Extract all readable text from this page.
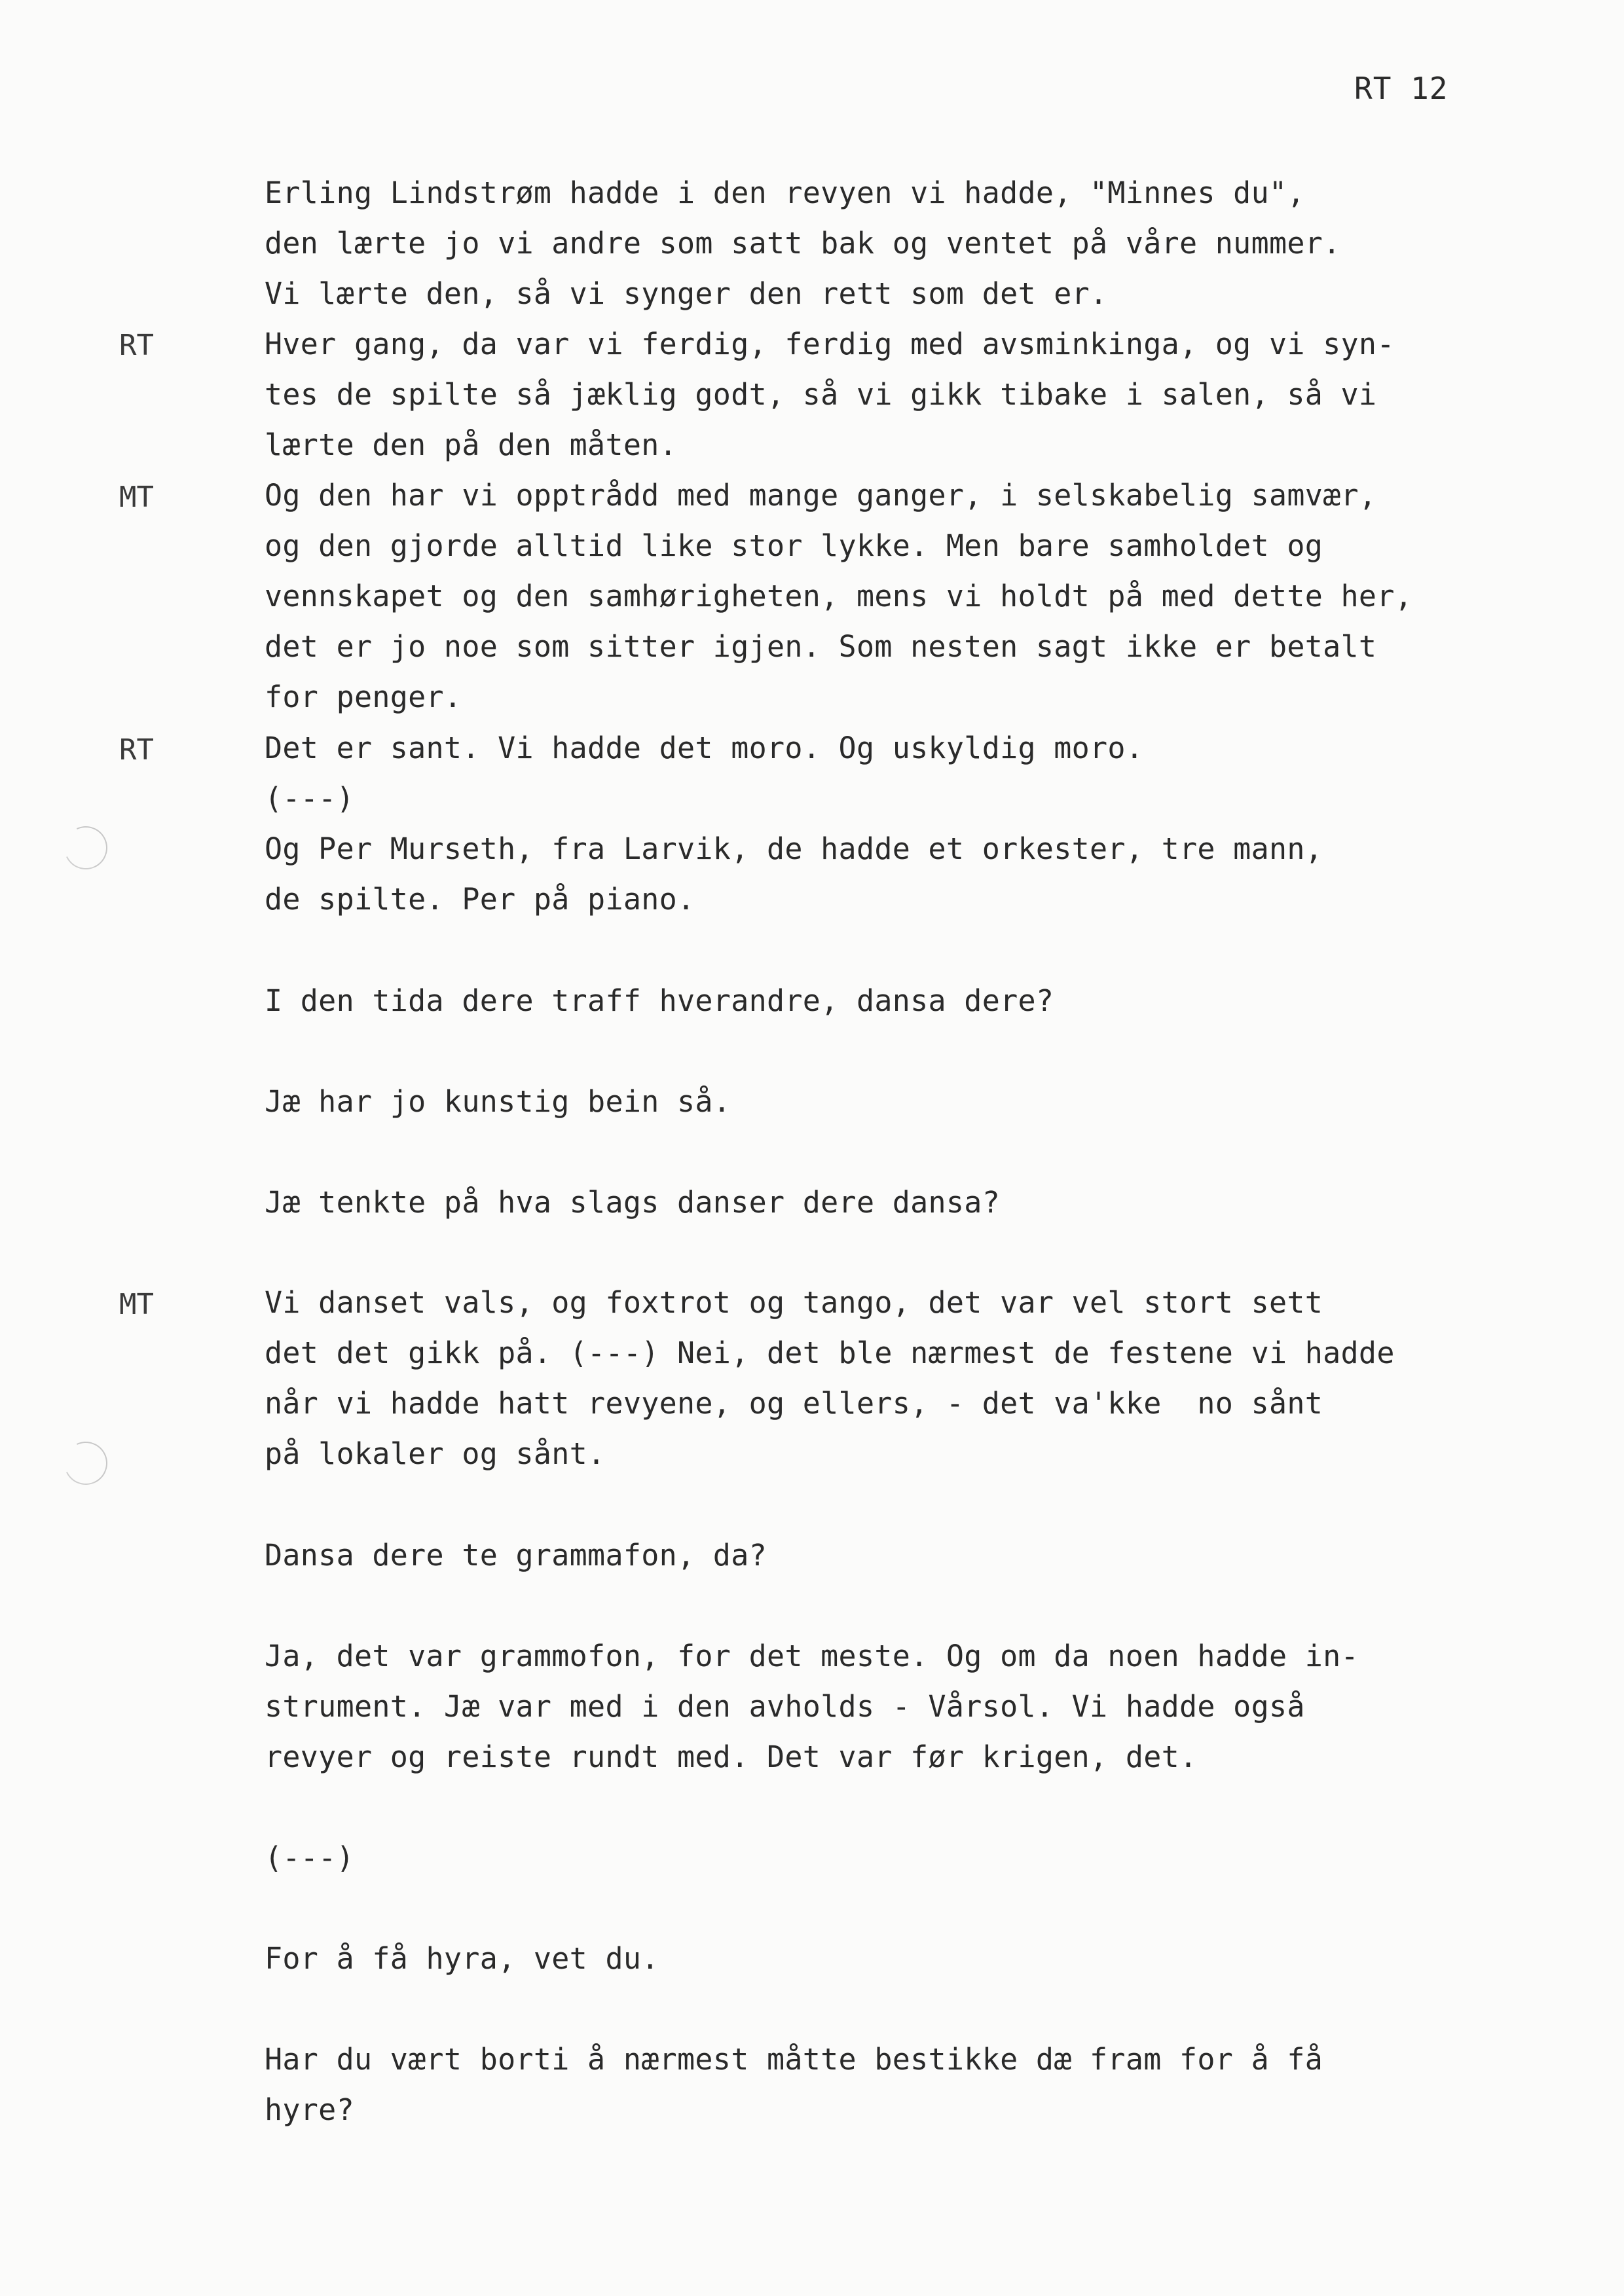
RT 12
Erling Lindstrøm hadde i den revyen vi hadde, "Minnes du",
den lærte jo vi andre som satt bak og ventet på våre nummer.
Vi lærte den, så vi synger den rett som det er.
RT	Hver gang, da var vi ferdig, ferdig med avsminkinga, og vi syn-
tes de spilte så jæklig godt, så vi gikk tibake i salen, så vi
lærte den på den måten.
MT	Og den har vi opptrådd med mange ganger, i selskabelig samvær,
og den gjorde alltid like stor lykke. Men bare samholdet og
vennskapet og den samhørigheten, mens vi holdt på med dette her,
det er jo noe som sitter igjen. Som nesten sagt ikke er betalt
for penger.
RT	Det er sant. Vi hadde det moro. Og uskyldig moro.
(---)
Og Per Murseth, fra Larvik, de hadde et orkester, tre mann,
de spilte. Per på piano.
I den tida dere traff hverandre, dansa dere?
Jæ har jo kunstig bein så.
Jæ tenkte på hva slags danser dere dansa?
MT	Vi danset vals, og foxtrot og tango, det var vel stort sett
det det gikk på. (---) Nei, det ble nærmest de festene vi hadde
når vi hadde hatt revyene, og ellers, - det va'kke  no sånt
på lokaler og sånt.
Dansa dere te grammafon, da?
Ja, det var grammofon, for det meste. Og om da noen hadde in-
strument. Jæ var med i den avholds - Vårsol. Vi hadde også
revyer og reiste rundt med. Det var før krigen, det.
(---)
For å få hyra, vet du.
Har du vært borti å nærmest måtte bestikke dæ fram for å få
hyre?
